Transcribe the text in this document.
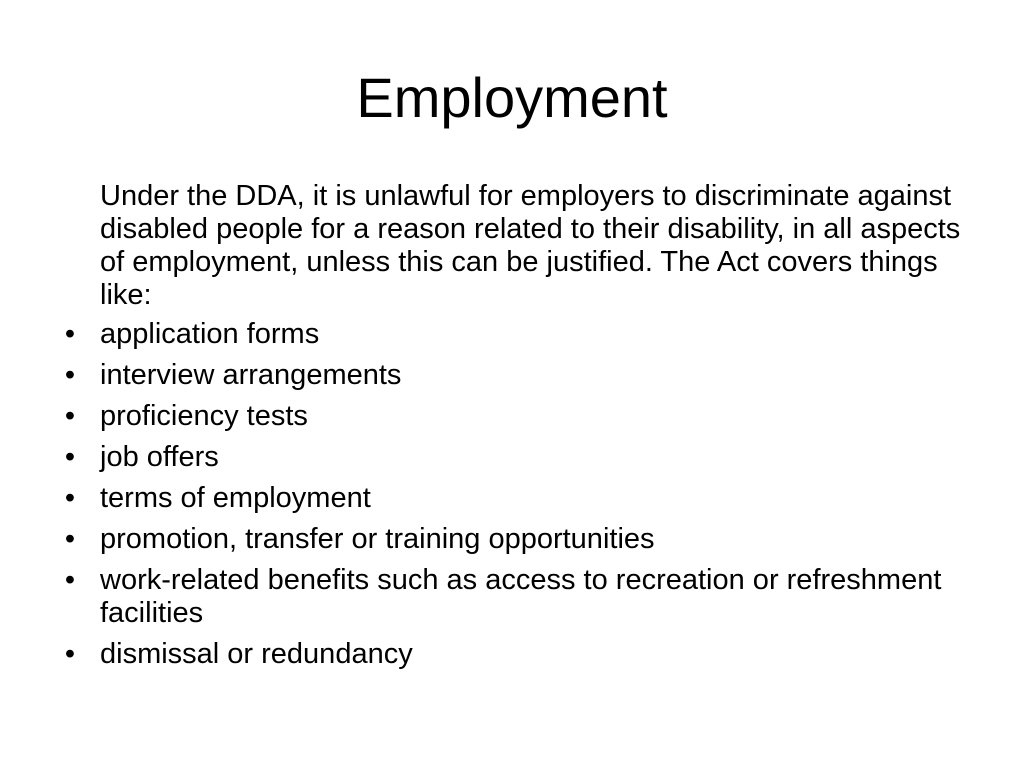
Employment

Under the DDA, it is unlawful for employers to discriminate against disabled people for a reason related to their disability, in all aspects of employment, unless this can be justified. The Act covers things like:

• application forms
• interview arrangements
• proficiency tests
• job offers
• terms of employment
• promotion, transfer or training opportunities
• work-related benefits such as access to recreation or refreshment facilities
• dismissal or redundancy
